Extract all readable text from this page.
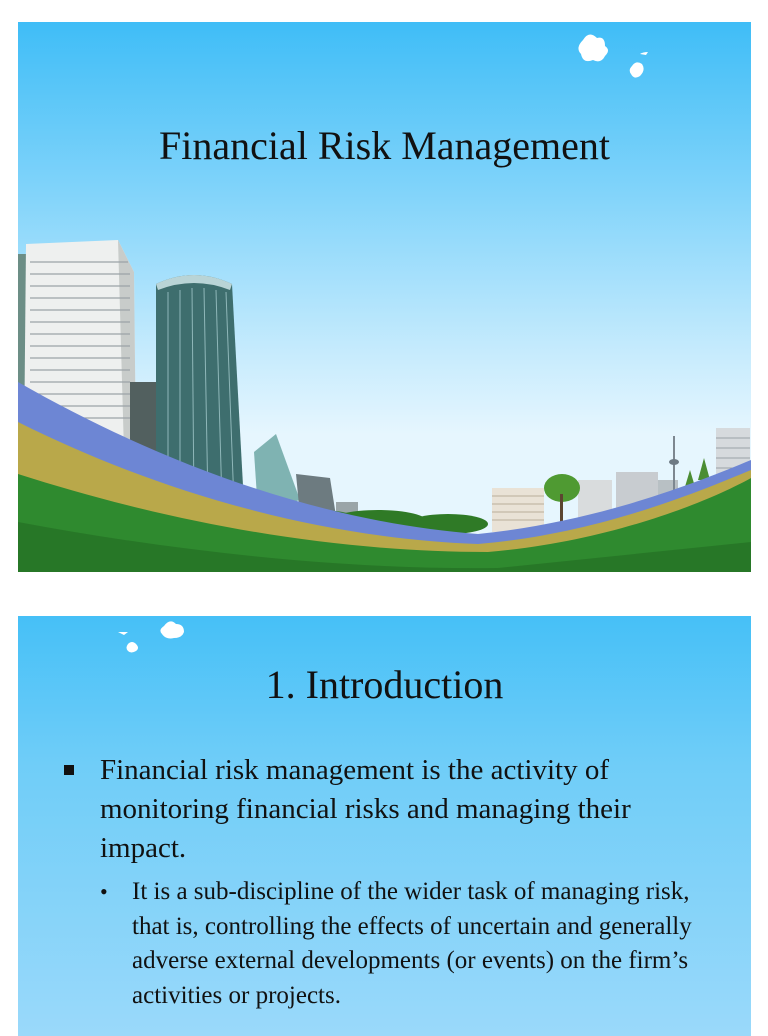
Financial Risk Management
1. Introduction
Financial risk management is the activity of monitoring financial risks and managing their impact.
• It is a sub-discipline of the wider task of managing risk, that is, controlling the effects of uncertain and generally adverse external developments (or events) on the firm’s activities or projects.
